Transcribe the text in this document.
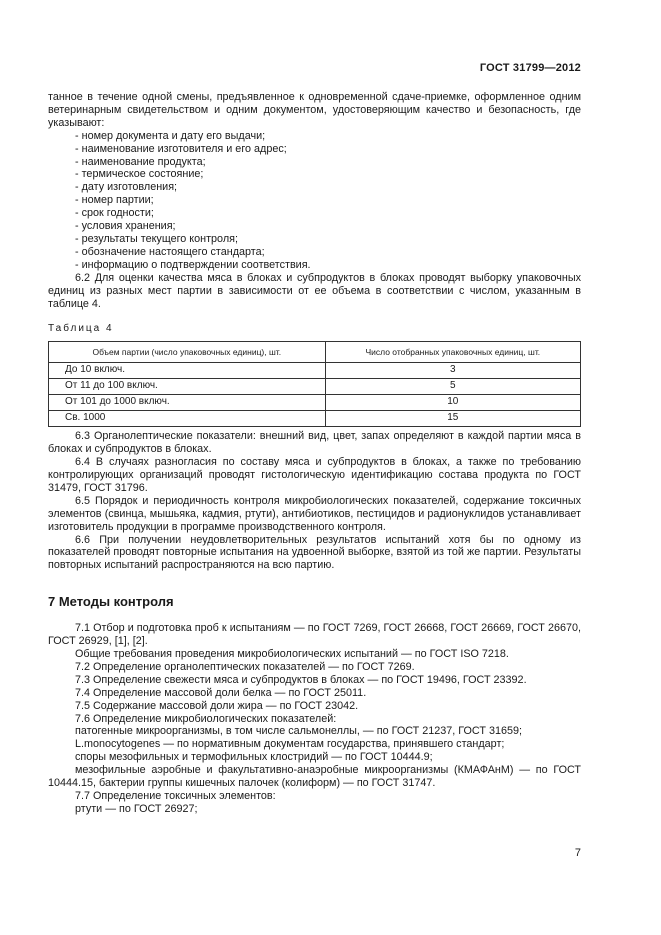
ГОСТ 31799—2012

танное в течение одной смены, предъявленное к одновременной сдаче-приемке, оформленное одним ветеринарным свидетельством и одним документом, удостоверяющим качество и безопасность, где указывают:

- номер документа и дату его выдачи;
- наименование изготовителя и его адрес;
- наименование продукта;
- термическое состояние;
- дату изготовления;
- номер партии;
- срок годности;
- условия хранения;
- результаты текущего контроля;
- обозначение настоящего стандарта;
- информацию о подтверждении соответствия.

6.2 Для оценки качества мяса в блоках и субпродуктов в блоках проводят выборку упаковочных единиц из разных мест партии в зависимости от ее объема в соответствии с числом, указанным в таблице 4.

Таблица 4
Объем партии (число упаковочных единиц), шт.	Число отобранных упаковочных единиц, шт.
До 10 включ.	3
От 11 до 100 включ.	5
От 101 до 1000 включ.	10
Св. 1000	15

6.3 Органолептические показатели: внешний вид, цвет, запах определяют в каждой партии мяса в блоках и субпродуктов в блоках.

6.4 В случаях разногласия по составу мяса и субпродуктов в блоках, а также по требованию контролирующих организаций проводят гистологическую идентификацию состава продукта по ГОСТ 31479, ГОСТ 31796.

6.5 Порядок и периодичность контроля микробиологических показателей, содержание токсичных элементов (свинца, мышьяка, кадмия, ртути), антибиотиков, пестицидов и радионуклидов устанавливает изготовитель продукции в программе производственного контроля.

6.6 При получении неудовлетворительных результатов испытаний хотя бы по одному из показателей проводят повторные испытания на удвоенной выборке, взятой из той же партии. Результаты повторных испытаний распространяются на всю партию.

7 Методы контроля

7.1 Отбор и подготовка проб к испытаниям — по ГОСТ 7269, ГОСТ 26668, ГОСТ 26669, ГОСТ 26670, ГОСТ 26929, [1], [2].

Общие требования проведения микробиологических испытаний — по ГОСТ ISO 7218.

7.2 Определение органолептических показателей — по ГОСТ 7269.

7.3 Определение свежести мяса и субпродуктов в блоках — по ГОСТ 19496, ГОСТ 23392.

7.4 Определение массовой доли белка — по ГОСТ 25011.

7.5 Содержание массовой доли жира — по ГОСТ 23042.

7.6 Определение микробиологических показателей:

патогенные микроорганизмы, в том числе сальмонеллы, — по ГОСТ 21237, ГОСТ 31659;

L.monocytogenes — по нормативным документам государства, принявшего стандарт;

споры мезофильных и термофильных клостридий — по ГОСТ 10444.9;

мезофильные аэробные и факультативно-анаэробные микроорганизмы (КМАФАнМ) — по ГОСТ 10444.15, бактерии группы кишечных палочек (колиформ) — по ГОСТ 31747.

7.7 Определение токсичных элементов:

ртути — по ГОСТ 26927;

7
